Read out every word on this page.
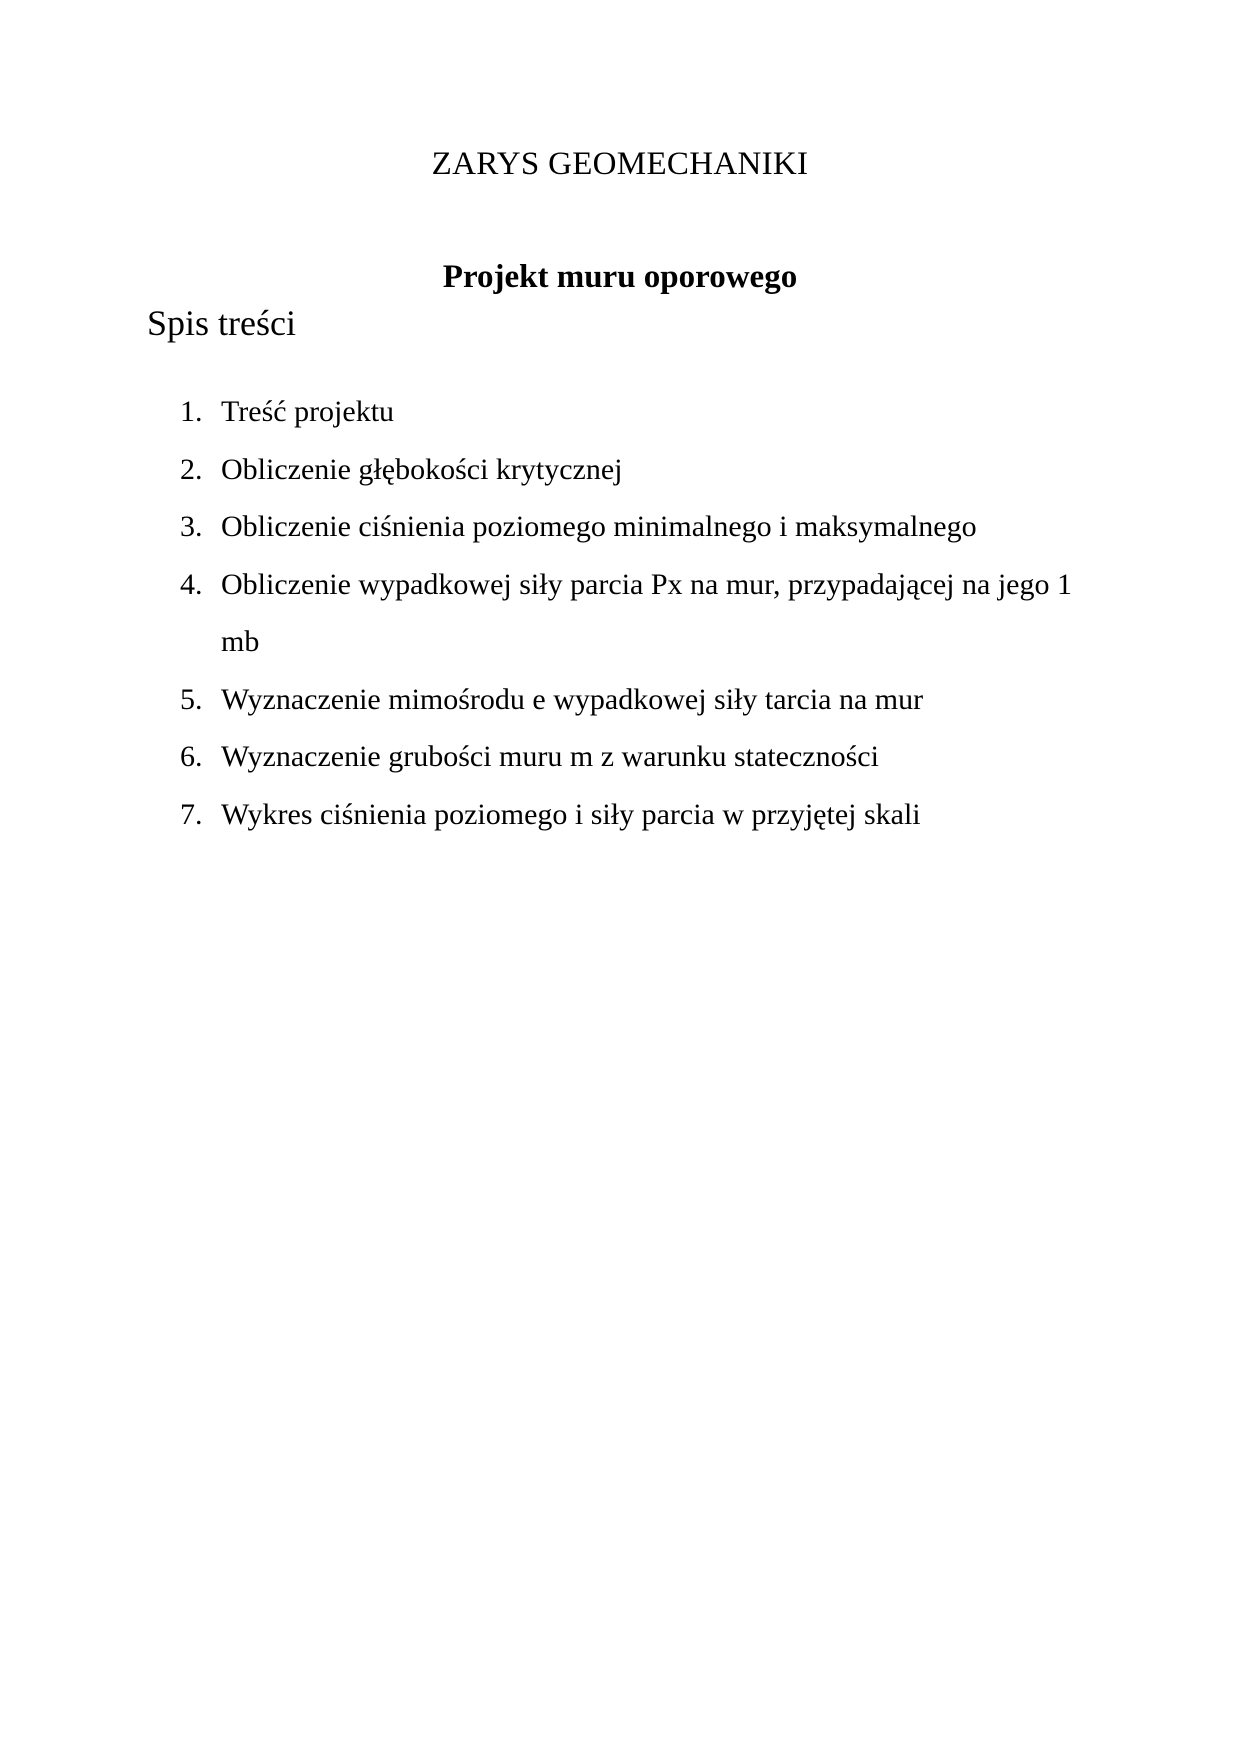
ZARYS GEOMECHANIKI
Projekt muru oporowego
Spis treści
1. Treść projektu
2. Obliczenie głębokości krytycznej
3. Obliczenie ciśnienia poziomego minimalnego i maksymalnego
4. Obliczenie wypadkowej siły parcia Px na mur, przypadającej na jego 1 mb
5. Wyznaczenie mimośrodu e wypadkowej siły tarcia na mur
6. Wyznaczenie grubości muru m z warunku stateczności
7. Wykres ciśnienia poziomego i siły parcia w przyjętej skali
